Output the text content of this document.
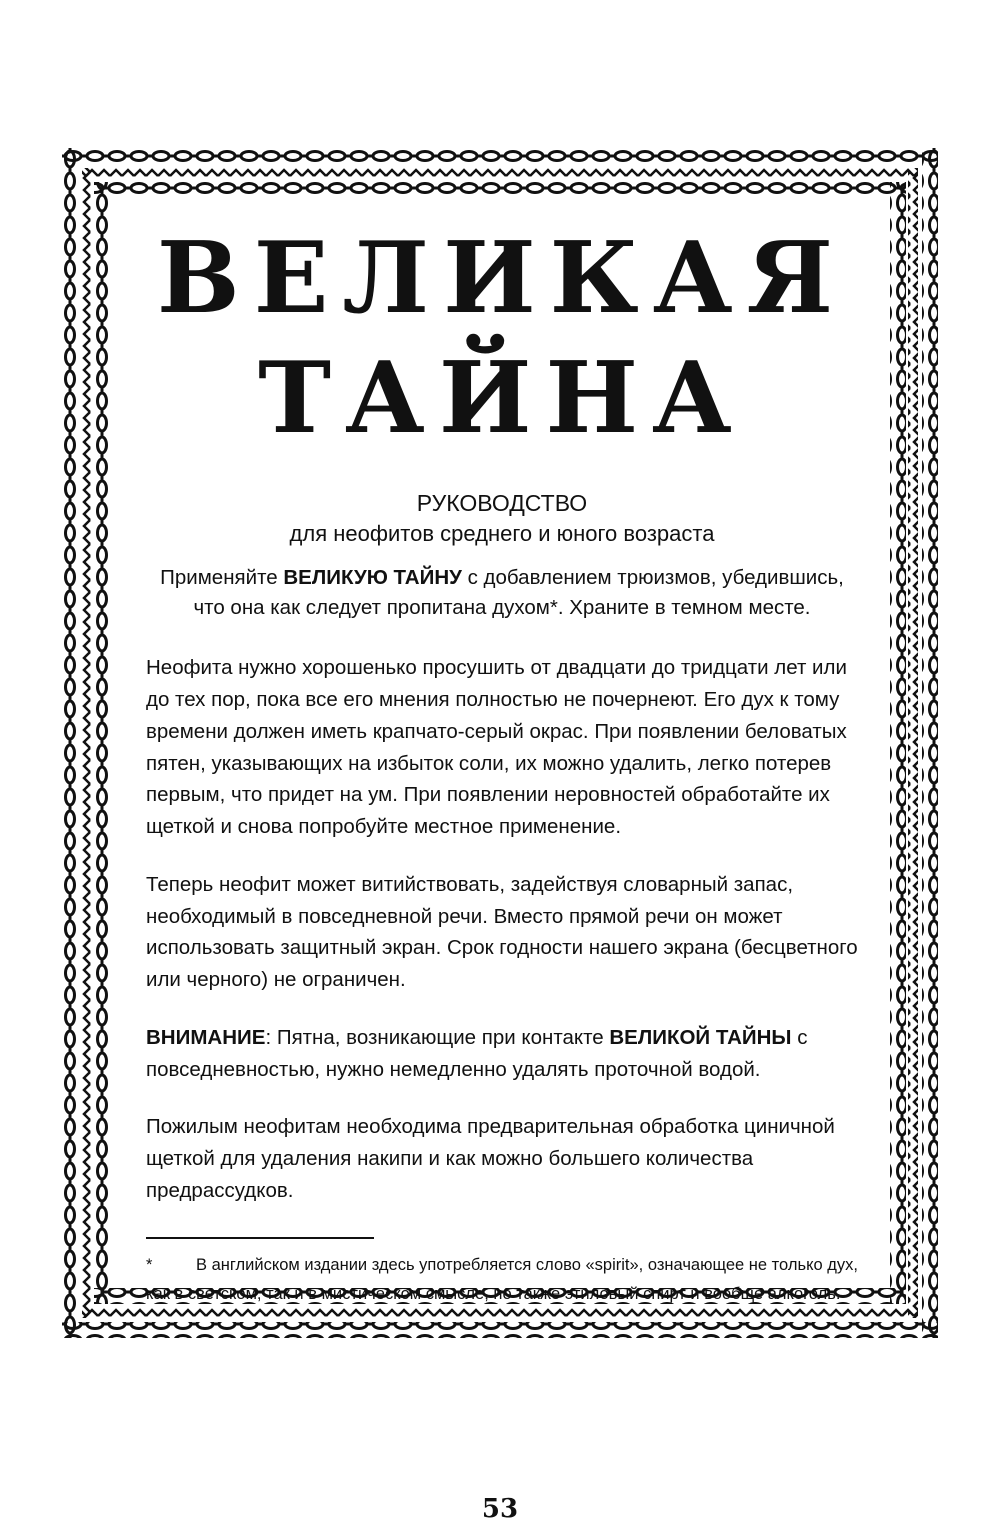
ВЕЛИКАЯ
ТАЙНА
РУКОВОДСТВО
для неофитов среднего и юного возраста
Применяйте ВЕЛИКУЮ ТАЙНУ с добавлением трюизмов, убедившись,
что она как следует пропитана духом*. Храните в темном месте.

Неофита нужно хорошенько просушить от двадцати до тридцати лет или до тех пор, пока все его мнения полностью не почернеют. Его дух к тому времени должен иметь крапчато-серый окрас. При появлении беловатых пятен, указывающих на избыток соли, их можно удалить, легко потерев первым, что придет на ум. При появлении неровностей обработайте их щеткой и снова попробуйте местное применение.

Теперь неофит может витийствовать, задействуя словарный запас, необходимый в повседневной речи. Вместо прямой речи он может использовать защитный экран. Срок годности нашего экрана (бесцветного или черного) не ограничен.

ВНИМАНИЕ: Пятна, возникающие при контакте ВЕЛИКОЙ ТАЙНЫ с повседневностью, нужно немедленно удалять проточной водой.

Пожилым неофитам необходима предварительная обработка циничной щеткой для удаления накипи и как можно большего количества предрассудков.

*	В английском издании здесь употребляется слово «spirit», означающее не только дух, как в светском, так и в мистическом смысле, но также этиловый спирт и вообще алкоголь.
53
